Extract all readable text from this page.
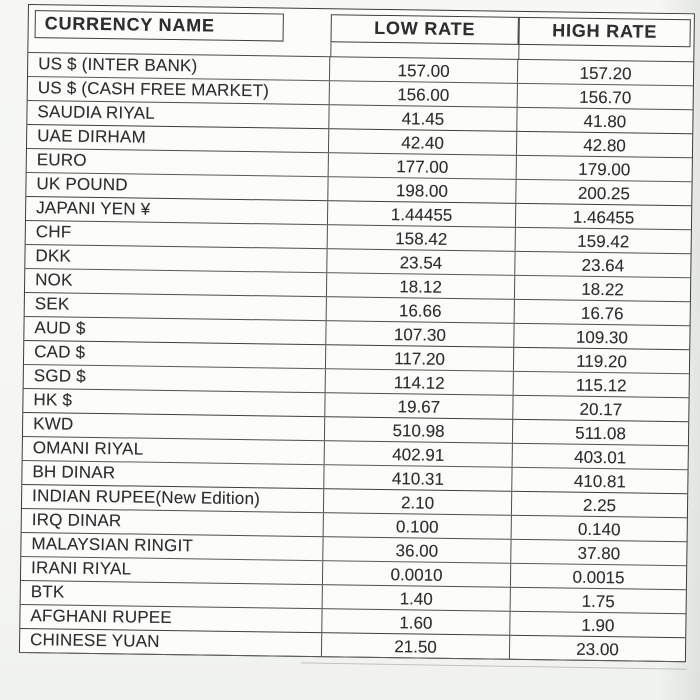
CURRENCY NAME	LOW RATE	HIGH RATE
US $ (INTER BANK)	157.00	157.20
US $ (CASH FREE MARKET)	156.00	156.70
SAUDIA RIYAL	41.45	41.80
UAE DIRHAM	42.40	42.80
EURO	177.00	179.00
UK POUND	198.00	200.25
JAPANI YEN ¥	1.44455	1.46455
CHF	158.42	159.42
DKK	23.54	23.64
NOK	18.12	18.22
SEK	16.66	16.76
AUD $	107.30	109.30
CAD $	117.20	119.20
SGD $	114.12	115.12
HK $	19.67	20.17
KWD	510.98	511.08
OMANI RIYAL	402.91	403.01
BH DINAR	410.31	410.81
INDIAN RUPEE(New Edition)	2.10	2.25
IRQ DINAR	0.100	0.140
MALAYSIAN RINGIT	36.00	37.80
IRANI RIYAL	0.0010	0.0015
BTK	1.40	1.75
AFGHANI RUPEE	1.60	1.90
CHINESE YUAN	21.50	23.00
